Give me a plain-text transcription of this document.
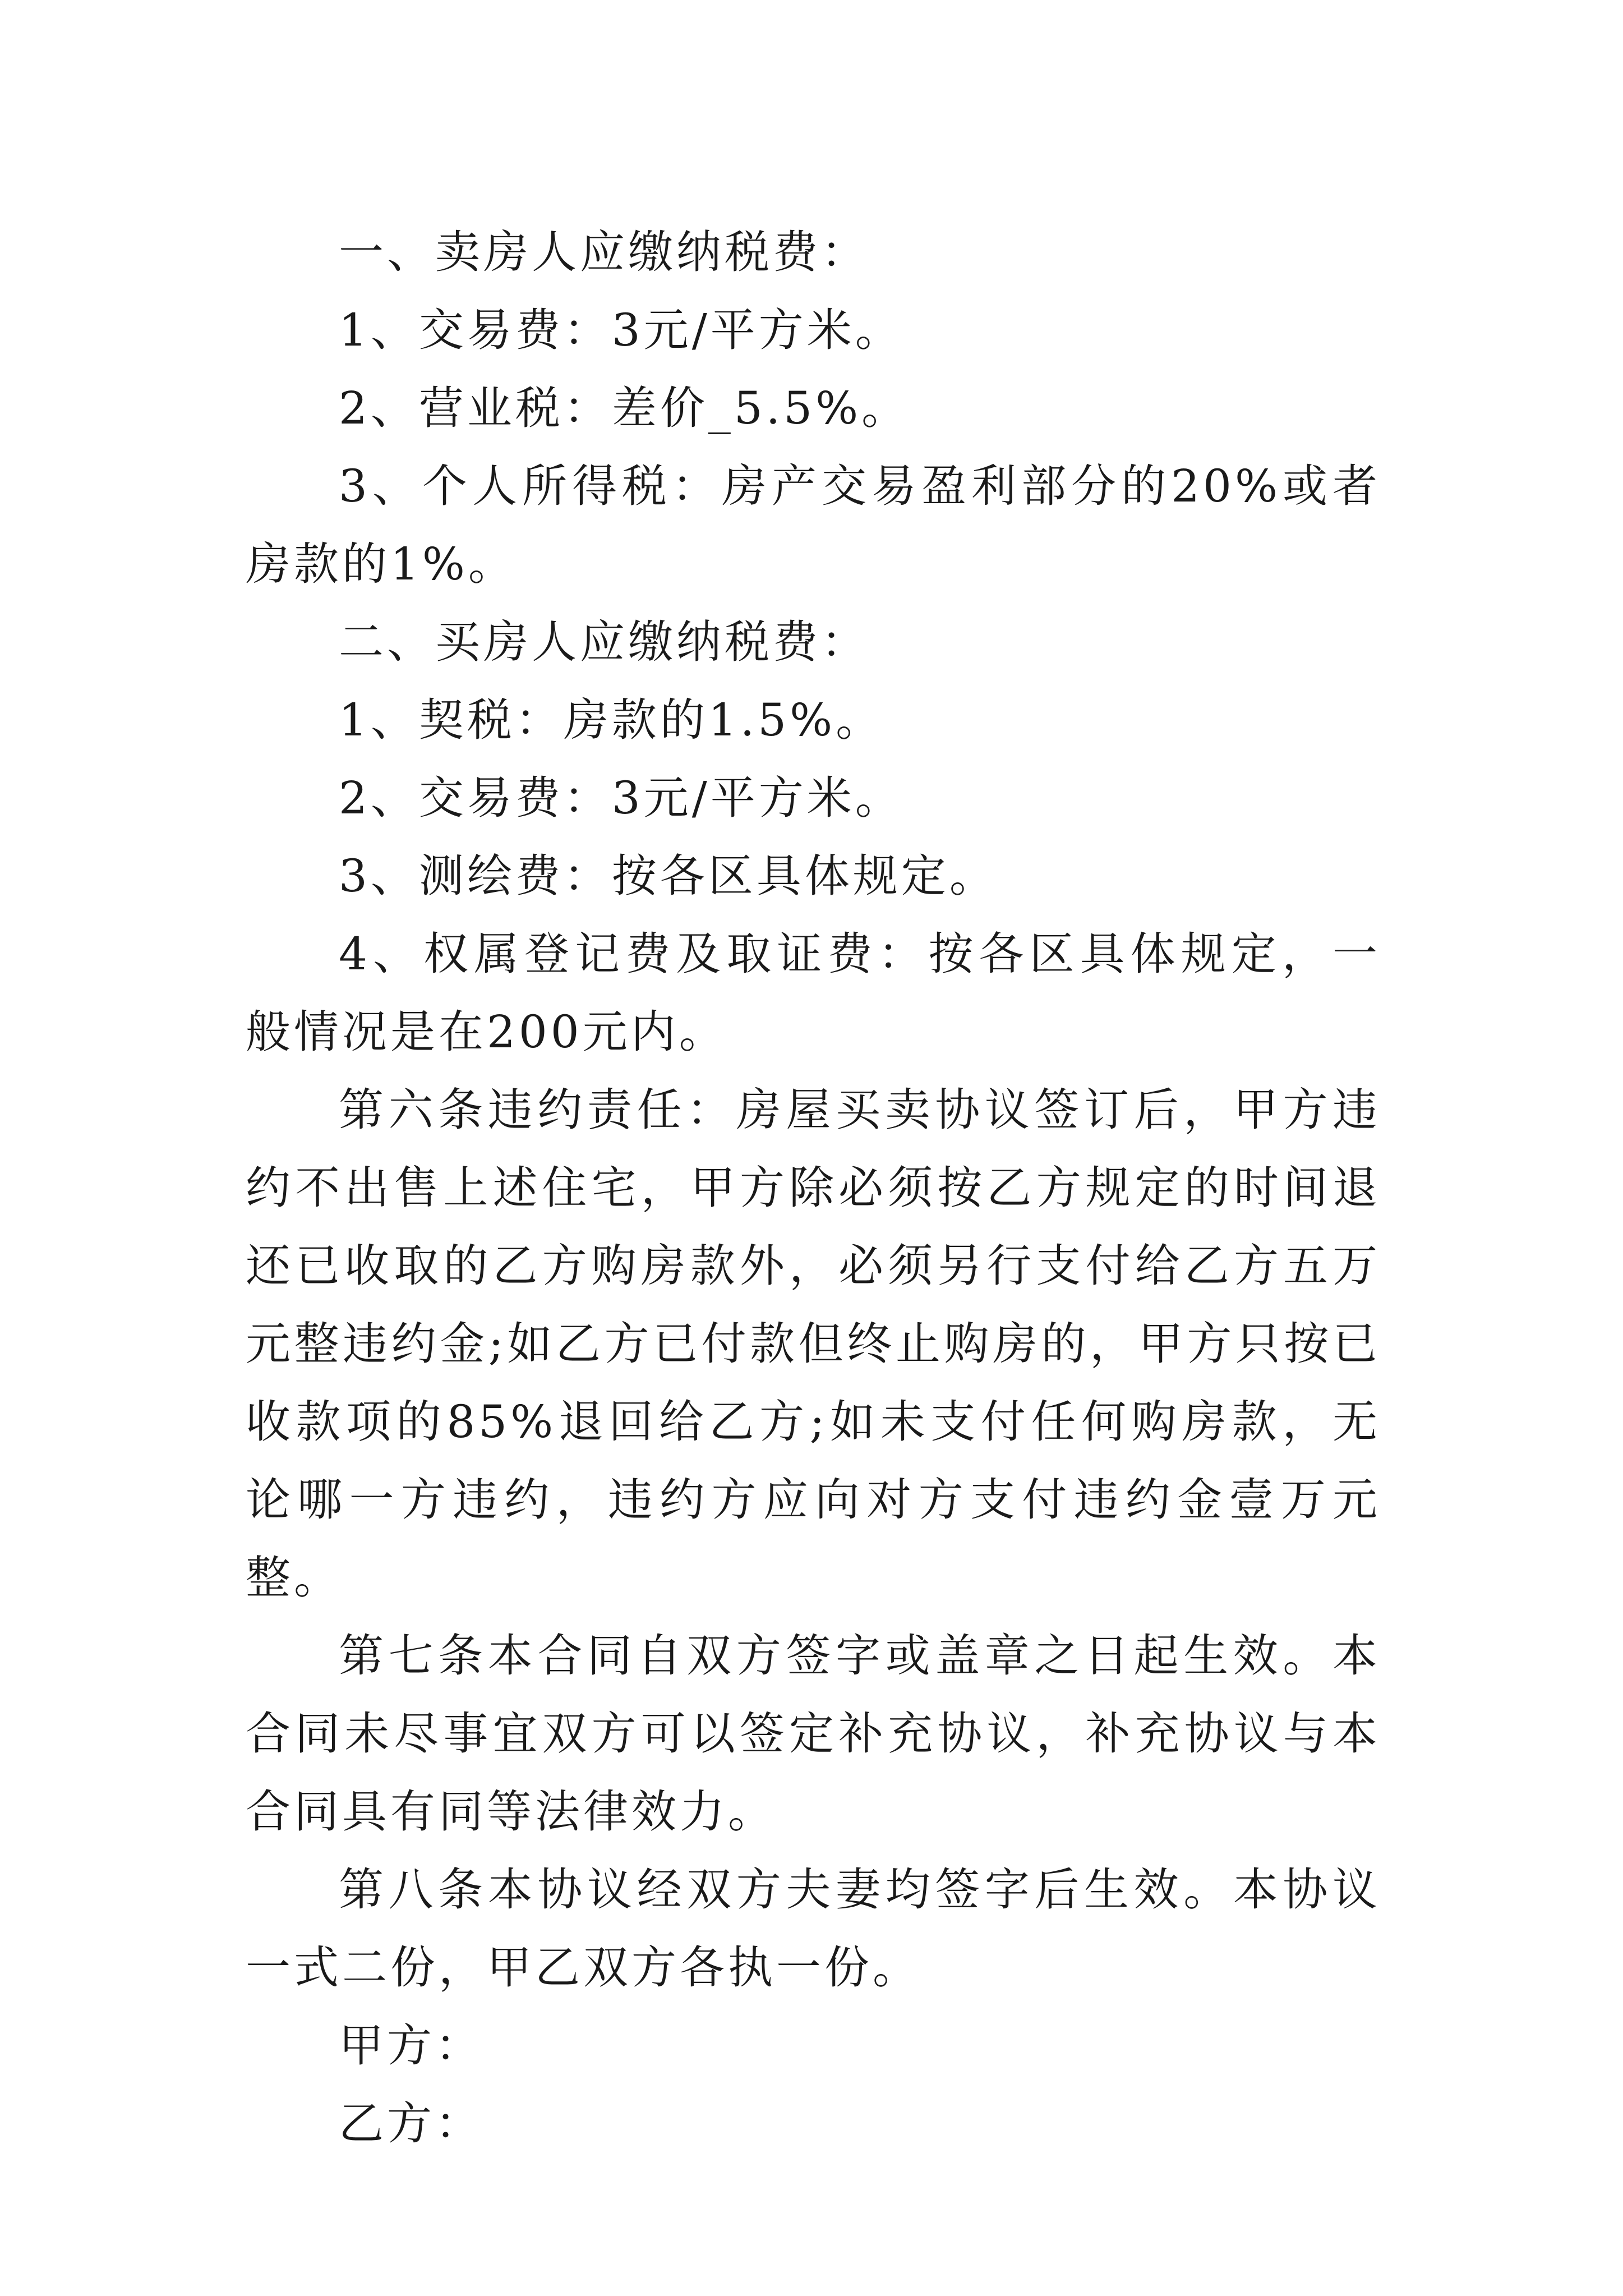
一、卖房人应缴纳税费：

1、交易费：3元/平方米。

2、营业税：差价_5.5%。

3、个人所得税：房产交易盈利部分的20%或者房款的1%。

二、买房人应缴纳税费：

1、契税：房款的1.5%。

2、交易费：3元/平方米。

3、测绘费：按各区具体规定。

4、权属登记费及取证费：按各区具体规定，一般情况是在200元内。

第六条违约责任：房屋买卖协议签订后，甲方违约不出售上述住宅，甲方除必须按乙方规定的时间退还已收取的乙方购房款外，必须另行支付给乙方五万元整违约金;如乙方已付款但终止购房的，甲方只按已收款项的85%退回给乙方;如未支付任何购房款，无论哪一方违约，违约方应向对方支付违约金壹万元整。

第七条本合同自双方签字或盖章之日起生效。本合同未尽事宜双方可以签定补充协议，补充协议与本合同具有同等法律效力。

第八条本协议经双方夫妻均签字后生效。本协议一式二份，甲乙双方各执一份。

甲方：

乙方：
